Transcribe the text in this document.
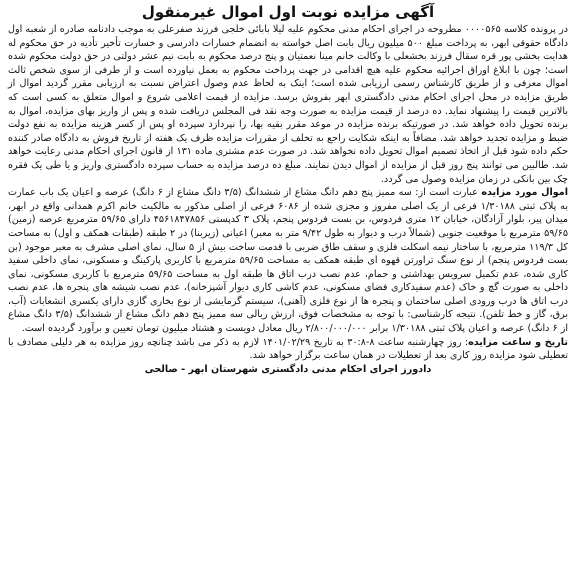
آگهی مزایده نوبت اول اموال غیرمنقول

در پرونده کلاسه ۰۰۰۰۵۶۵ مطروحه در اجرای احکام مدنی محکوم علیه لیلا بابائی خلجی فرزند صفرعلی به موجب دادنامه صادره از شعبه اول دادگاه حقوقی ابهر، به پرداخت مبلغ ۵۰۰ میلیون ریال بابت اصل خواسته به انضمام خسارات دادرسی و خسارت تأخیر تأدیه در حق محکوم له هدایت بخشی پور قره سقال فرزند بخشعلی با وکالت خانم مینا نعمتیان و پنج درصد محکوم به بابت نیم عشر دولتی در حق دولت محکوم شده است؛ چون با ابلاغ اوراق اجرائیه محکوم علیه هیچ اقدامی در جهت پرداخت محکوم به بعمل نیاورده است و از طرفی از سوی شخص ثالث اموال معرفی و از طریق کارشناس رسمی ارزیابی شده است؛ اینک به لحاظ عدم وصول اعتراض نسبت به ارزیابی مقرر گردید اموال از طریق مزایده در محل اجرای احکام مدنی دادگستری ابهر بفروش برسد. مزایده از قیمت اعلامی شروع و اموال متعلق به کسی است که بالاترین قیمت را پیشنهاد نماید. ده درصد از قیمت مزایده به صورت وجه نقد فی المجلس دریافت شده و پس از واریز بهای مزایده، اموال به برنده تحویل داده خواهد شد. در صورتیکه برنده مزایده در موعد مقرر بقیه بها، را نپردازد سپرده او پس از کسر هزینه مزایده به نفع دولت ضبط و مزایده تجدید خواهد شد. مضافاً به اینکه شکایت راجع به تخلف از مقررات مزایده ظرف یک هفته از تاریخ فروش به دادگاه صادر کننده حکم داده شود قبل از اتخاذ تصمیم اموال تحویل داده نخواهد شد. در صورت عدم مشتری ماده ۱۳۱ از قانون اجرای احکام مدنی رعایت خواهد شد. طالبین می توانند پنج روز قبل از مزایده از اموال دیدن نمایند. مبلغ ده درصد مزایده به حساب سپرده دادگستری واریز و یا طی یک فقره چک بین بانکی در زمان مزایده وصول می گردد.

اموال مورد مزایده عبارت است از: سه ممیز پنج دهم دانگ مشاع از ششدانگ (۳/۵ دانگ مشاع از ۶ دانگ) عرصه و اعیان یک باب عمارت به پلاک ثبتی ۱/۳۰۱۸۸ فرعی از یک اصلی مفروز و مجزی شده از ۶۰۸۶ فرعی از اصلی مذکور به مالکیت خانم اکرم همدانی واقع در ابهر، میدان پیر، بلوار آزادگان، خیابان ۱۲ متری فردوس، بن بست فردوس پنجم، پلاک ۳ کدپستی ۴۵۶۱۸۴۷۸۵۶ دارای ۵۹/۶۵ مترمربع عرصه (زمین) ۵۹/۶۵ مترمربع با موقعیت جنوبی (شمالاً درب و دیوار به طول ۹/۴۲ متر به معبر) اعیانی (زیربنا) در ۲ طبقه (طبقات همکف و اول) به مساحت کل ۱۱۹/۳ مترمربع، با ساختار نیمه اسکلت فلزی و سقف طاق ضربی با قدمت ساخت بیش از ۵ سال، نمای اصلی مشرف به معبر موجود (بن بست فردوس پنجم) از نوع سنگ تراورتن قهوه ای طبقه همکف به مساحت ۵۹/۶۵ مترمربع با کاربری پارکینگ و مسکونی، نمای داخلی سفید کاری شده، عدم تکمیل سرویس بهداشتی و حمام، عدم نصب درب اتاق ها طبقه اول به مساحت ۵۹/۶۵ مترمربع با کاربری مسکونی، نمای داخلی به صورت گچ و خاک (عدم سفیدکاری فضای مسکونی، عدم کاشی کاری دیوار آشپزخانه)، عدم نصب شیشه های پنجره ها، عدم نصب درب اتاق ها درب ورودی اصلی ساختمان و پنجره ها از نوع فلزی (آهنی)، سیستم گرمایشی از نوع بخاری گازی دارای یکسری انشعابات (آب، برق، گاز و خط تلفن). نتیجه کارشناسی: با توجه به مشخصات فوق، ارزش ریالی سه ممیز پنج دهم دانگ مشاع از ششدانگ (۳/۵ دانگ مشاع از ۶ دانگ) عرصه و اعیان پلاک ثبتی ۱/۳۰۱۸۸ برابر ۲/۸۰۰/۰۰۰/۰۰۰ ریال معادل دویست و هشتاد میلیون تومان تعیین و برآورد گردیده است.

تاریخ و ساعت مزایده: روز چهارشنبه ساعت ۸-۳۰:۸ به تاریخ ۱۴۰۱/۰۲/۲۹ لازم به ذکر می باشد چنانچه روز مزایده به هر دلیلی مصادف با تعطیلی شود مزایده روز کاری بعد از تعطیلات در همان ساعت برگزار خواهد شد.

دادورز اجرای احکام مدنی دادگستری شهرستان ابهر - صالحی
